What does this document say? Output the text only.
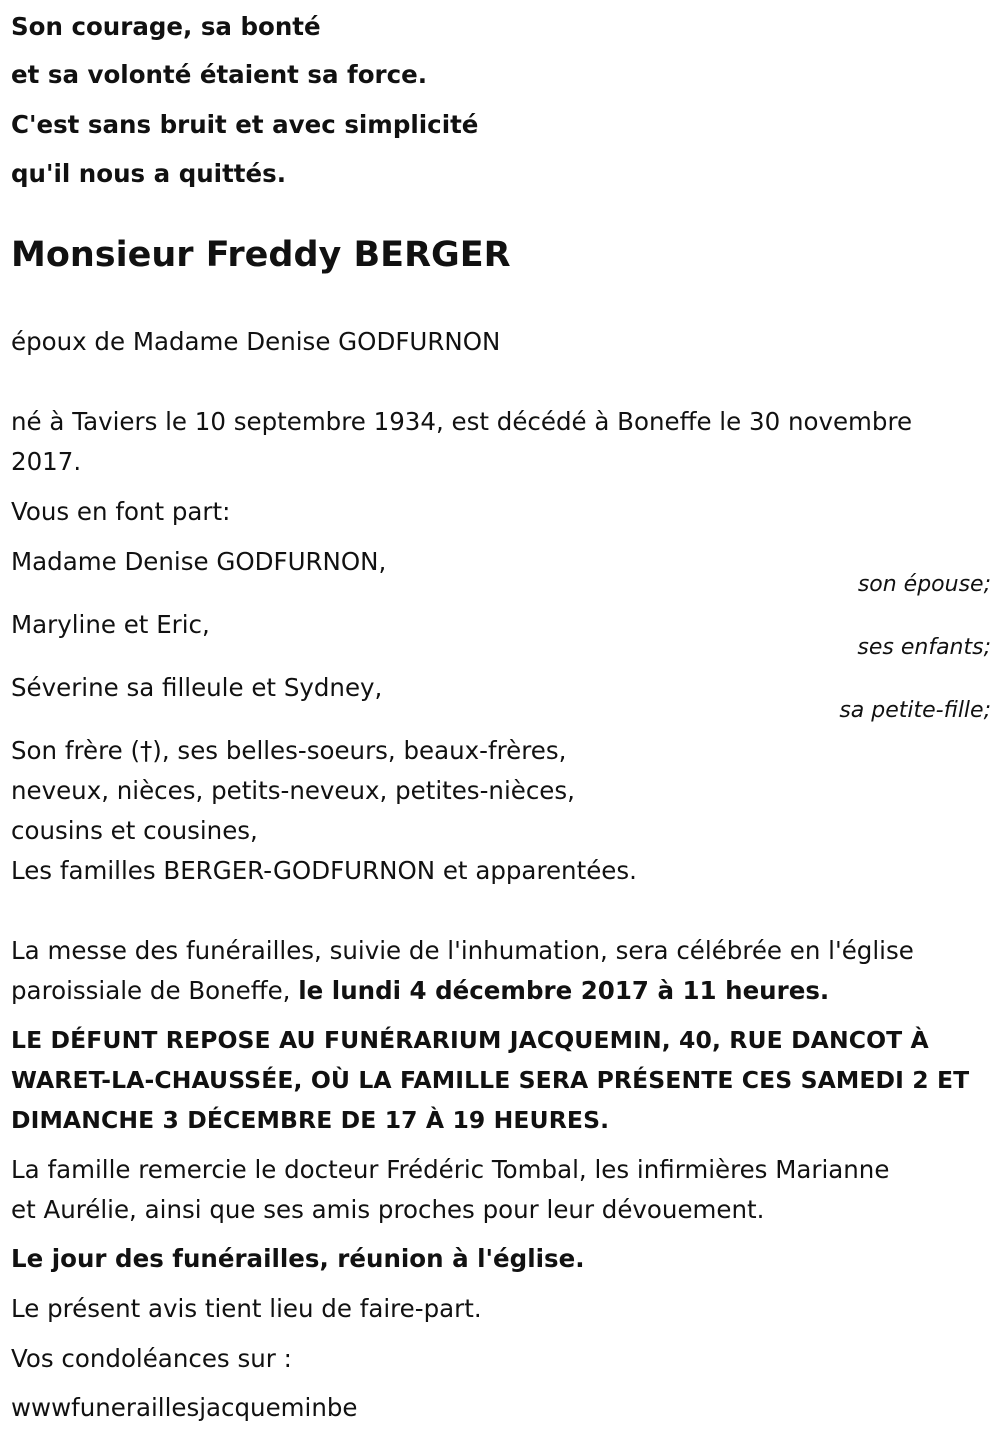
Son courage, sa bonté
et sa volonté étaient sa force.
C'est sans bruit et avec simplicité
qu'il nous a quittés.
Monsieur Freddy BERGER
époux de Madame Denise GODFURNON
né à Taviers le 10 septembre 1934, est décédé à Boneffe le 30 novembre
2017.
Vous en font part:
Madame Denise GODFURNON,
son épouse;
Maryline et Eric,
ses enfants;
Séverine sa filleule et Sydney,
sa petite-fille;
Son frère (†), ses belles-soeurs, beaux-frères,
neveux, nièces, petits-neveux, petites-nièces,
cousins et cousines,
Les familles BERGER-GODFURNON et apparentées.
La messe des funérailles, suivie de l'inhumation, sera célébrée en l'église
paroissiale de Boneffe, le lundi 4 décembre 2017 à 11 heures.
LE DÉFUNT REPOSE AU FUNÉRARIUM JACQUEMIN, 40, RUE DANCOT À
WARET-LA-CHAUSSÉE, OÙ LA FAMILLE SERA PRÉSENTE CES SAMEDI 2 ET
DIMANCHE 3 DÉCEMBRE DE 17 À 19 HEURES.
La famille remercie le docteur Frédéric Tombal, les infirmières Marianne
et Aurélie, ainsi que ses amis proches pour leur dévouement.
Le jour des funérailles, réunion à l'église.
Le présent avis tient lieu de faire-part.
Vos condoléances sur :
wwwfuneraillesjacqueminbe
